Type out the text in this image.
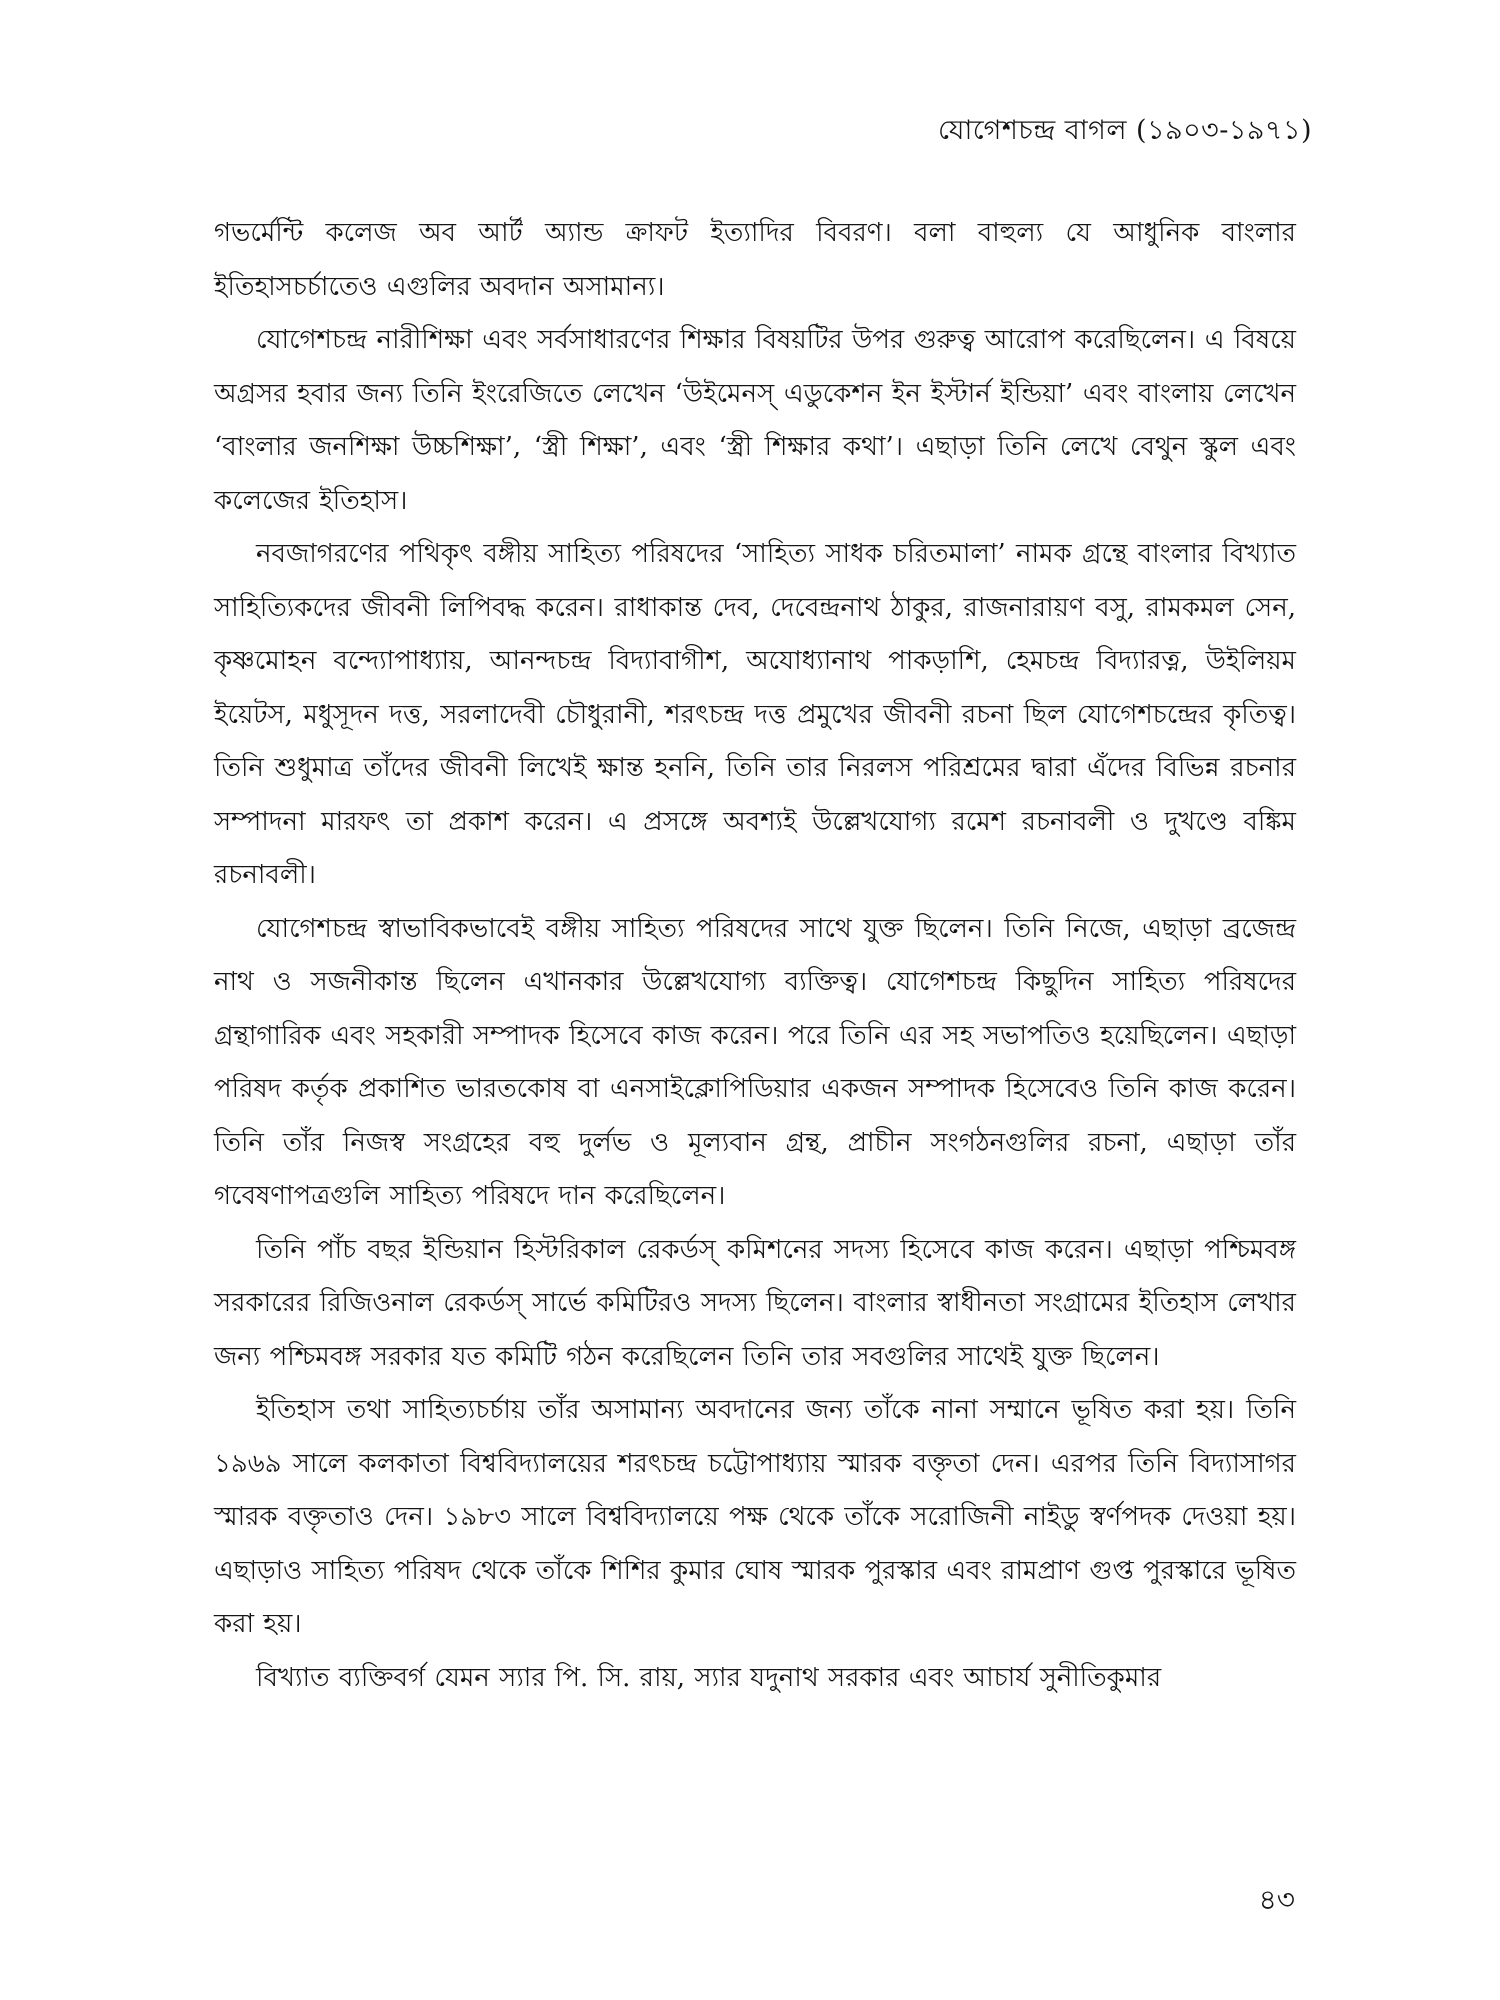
যোগেশচন্দ্র বাগল (১৯০৩-১৯৭১)

গভর্মেন্টি কলেজ অব আর্ট অ্যান্ড ক্রাফট ইত্যাদির বিবরণ। বলা বাহুল্য যে আধুনিক বাংলার ইতিহাসচর্চাতেও এগুলির অবদান অসামান্য।

যোগেশচন্দ্র নারীশিক্ষা এবং সর্বসাধারণের শিক্ষার বিষয়টির উপর গুরুত্ব আরোপ করেছিলেন। এ বিষয়ে অগ্রসর হবার জন্য তিনি ইংরেজিতে লেখেন ‘উইমেনস্ এডুকেশন ইন ইস্টার্ন ইন্ডিয়া’ এবং বাংলায় লেখেন ‘বাংলার জনশিক্ষা উচ্চশিক্ষা’, ‘স্ত্রী শিক্ষা’, এবং ‘স্ত্রী শিক্ষার কথা’। এছাড়া তিনি লেখে বেথুন স্কুল এবং কলেজের ইতিহাস।

নবজাগরণের পথিকৃৎ বঙ্গীয় সাহিত্য পরিষদের ‘সাহিত্য সাধক চরিতমালা’ নামক গ্রন্থে বাংলার বিখ্যাত সাহিত্যিকদের জীবনী লিপিবদ্ধ করেন। রাধাকান্ত দেব, দেবেন্দ্রনাথ ঠাকুর, রাজনারায়ণ বসু, রামকমল সেন, কৃষ্ণমোহন বন্দ্যোপাধ্যায়, আনন্দচন্দ্র বিদ্যাবাগীশ, অযোধ্যানাথ পাকড়াশি, হেমচন্দ্র বিদ্যারত্ন, উইলিয়ম ইয়েটস, মধুসূদন দত্ত, সরলাদেবী চৌধুরানী, শরৎচন্দ্র দত্ত প্রমুখের জীবনী রচনা ছিল যোগেশচন্দ্রের কৃতিত্ব। তিনি শুধুমাত্র তাঁদের জীবনী লিখেই ক্ষান্ত হননি, তিনি তার নিরলস পরিশ্রমের দ্বারা এঁদের বিভিন্ন রচনার সম্পাদনা মারফৎ তা প্রকাশ করেন। এ প্রসঙ্গে অবশ্যই উল্লেখযোগ্য রমেশ রচনাবলী ও দুখণ্ডে বঙ্কিম রচনাবলী।

যোগেশচন্দ্র স্বাভাবিকভাবেই বঙ্গীয় সাহিত্য পরিষদের সাথে যুক্ত ছিলেন। তিনি নিজে, এছাড়া ব্রজেন্দ্র নাথ ও সজনীকান্ত ছিলেন এখানকার উল্লেখযোগ্য ব্যক্তিত্ব। যোগেশচন্দ্র কিছুদিন সাহিত্য পরিষদের গ্রন্থাগারিক এবং সহকারী সম্পাদক হিসেবে কাজ করেন। পরে তিনি এর সহ সভাপতিও হয়েছিলেন। এছাড়া পরিষদ কর্তৃক প্রকাশিত ভারতকোষ বা এনসাইক্লোপিডিয়ার একজন সম্পাদক হিসেবেও তিনি কাজ করেন। তিনি তাঁর নিজস্ব সংগ্রহের বহু দুর্লভ ও মূল্যবান গ্রন্থ, প্রাচীন সংগঠনগুলির রচনা, এছাড়া তাঁর গবেষণাপত্রগুলি সাহিত্য পরিষদে দান করেছিলেন।

তিনি পাঁচ বছর ইন্ডিয়ান হিস্টরিকাল রেকর্ডস্ কমিশনের সদস্য হিসেবে কাজ করেন। এছাড়া পশ্চিমবঙ্গ সরকারের রিজিওনাল রেকর্ডস্ সার্ভে কমিটিরও সদস্য ছিলেন। বাংলার স্বাধীনতা সংগ্রামের ইতিহাস লেখার জন্য পশ্চিমবঙ্গ সরকার যত কমিটি গঠন করেছিলেন তিনি তার সবগুলির সাথেই যুক্ত ছিলেন।

ইতিহাস তথা সাহিত্যচর্চায় তাঁর অসামান্য অবদানের জন্য তাঁকে নানা সম্মানে ভূষিত করা হয়। তিনি ১৯৬৯ সালে কলকাতা বিশ্ববিদ্যালয়ের শরৎচন্দ্র চট্টোপাধ্যায় স্মারক বক্তৃতা দেন। এরপর তিনি বিদ্যাসাগর স্মারক বক্তৃতাও দেন। ১৯৮৩ সালে বিশ্ববিদ্যালয়ে পক্ষ থেকে তাঁকে সরোজিনী নাইডু স্বর্ণপদক দেওয়া হয়। এছাড়াও সাহিত্য পরিষদ থেকে তাঁকে শিশির কুমার ঘোষ স্মারক পুরস্কার এবং রামপ্রাণ গুপ্ত পুরস্কারে ভূষিত করা হয়।

বিখ্যাত ব্যক্তিবর্গ যেমন স্যার পি. সি. রায়, স্যার যদুনাথ সরকার এবং আচার্য সুনীতিকুমার

৪৩
